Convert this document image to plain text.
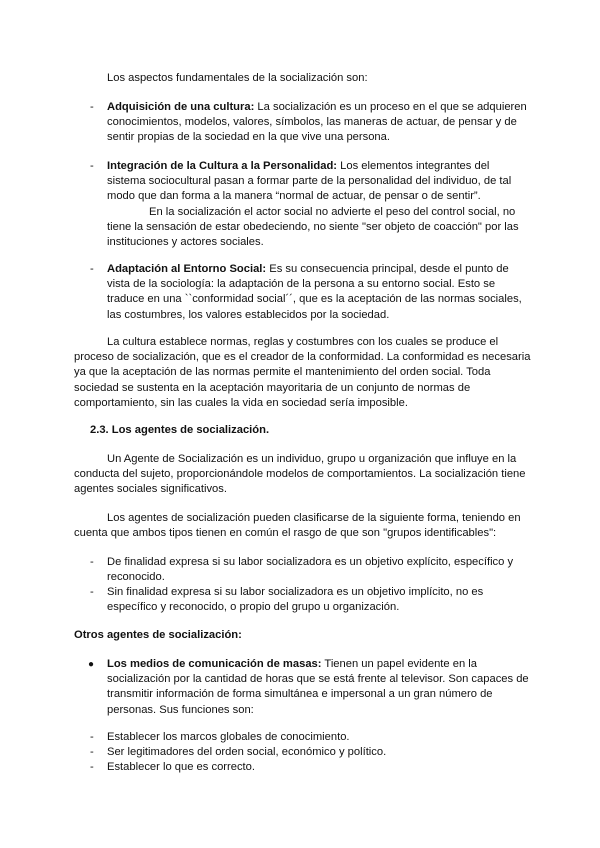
Los aspectos fundamentales de la socialización son:
- Adquisición de una cultura: La socialización es un proceso en el que se adquieren
conocimientos, modelos, valores, símbolos, las maneras de actuar, de pensar y de
sentir propias de la sociedad en la que vive una persona.
- Integración de la Cultura a la Personalidad: Los elementos integrantes del
sistema sociocultural pasan a formar parte de la personalidad del individuo, de tal
modo que dan forma a la manera “normal de actuar, de pensar o de sentir”.
En la socialización el actor social no advierte el peso del control social, no
tiene la sensación de estar obedeciendo, no siente "ser objeto de coacción" por las
instituciones y actores sociales.
- Adaptación al Entorno Social: Es su consecuencia principal, desde el punto de
vista de la sociología: la adaptación de la persona a su entorno social. Esto se
traduce en una ``conformidad social´´, que es la aceptación de las normas sociales,
las costumbres, los valores establecidos por la sociedad.
La cultura establece normas, reglas y costumbres con los cuales se produce el
proceso de socialización, que es el creador de la conformidad. La conformidad es necesaria
ya que la aceptación de las normas permite el mantenimiento del orden social. Toda
sociedad se sustenta en la aceptación mayoritaria de un conjunto de normas de
comportamiento, sin las cuales la vida en sociedad sería imposible.
2.3. Los agentes de socialización.
Un Agente de Socialización es un individuo, grupo u organización que influye en la
conducta del sujeto, proporcionándole modelos de comportamientos. La socialización tiene
agentes sociales significativos.
Los agentes de socialización pueden clasificarse de la siguiente forma, teniendo en
cuenta que ambos tipos tienen en común el rasgo de que son "grupos identificables":
- De finalidad expresa si su labor socializadora es un objetivo explícito, específico y
reconocido.
- Sin finalidad expresa si su labor socializadora es un objetivo implícito, no es
específico y reconocido, o propio del grupo u organización.
Otros agentes de socialización:
● Los medios de comunicación de masas: Tienen un papel evidente en la
socialización por la cantidad de horas que se está frente al televisor. Son capaces de
transmitir información de forma simultánea e impersonal a un gran número de
personas. Sus funciones son:
- Establecer los marcos globales de conocimiento.
- Ser legitimadores del orden social, económico y político.
- Establecer lo que es correcto.
